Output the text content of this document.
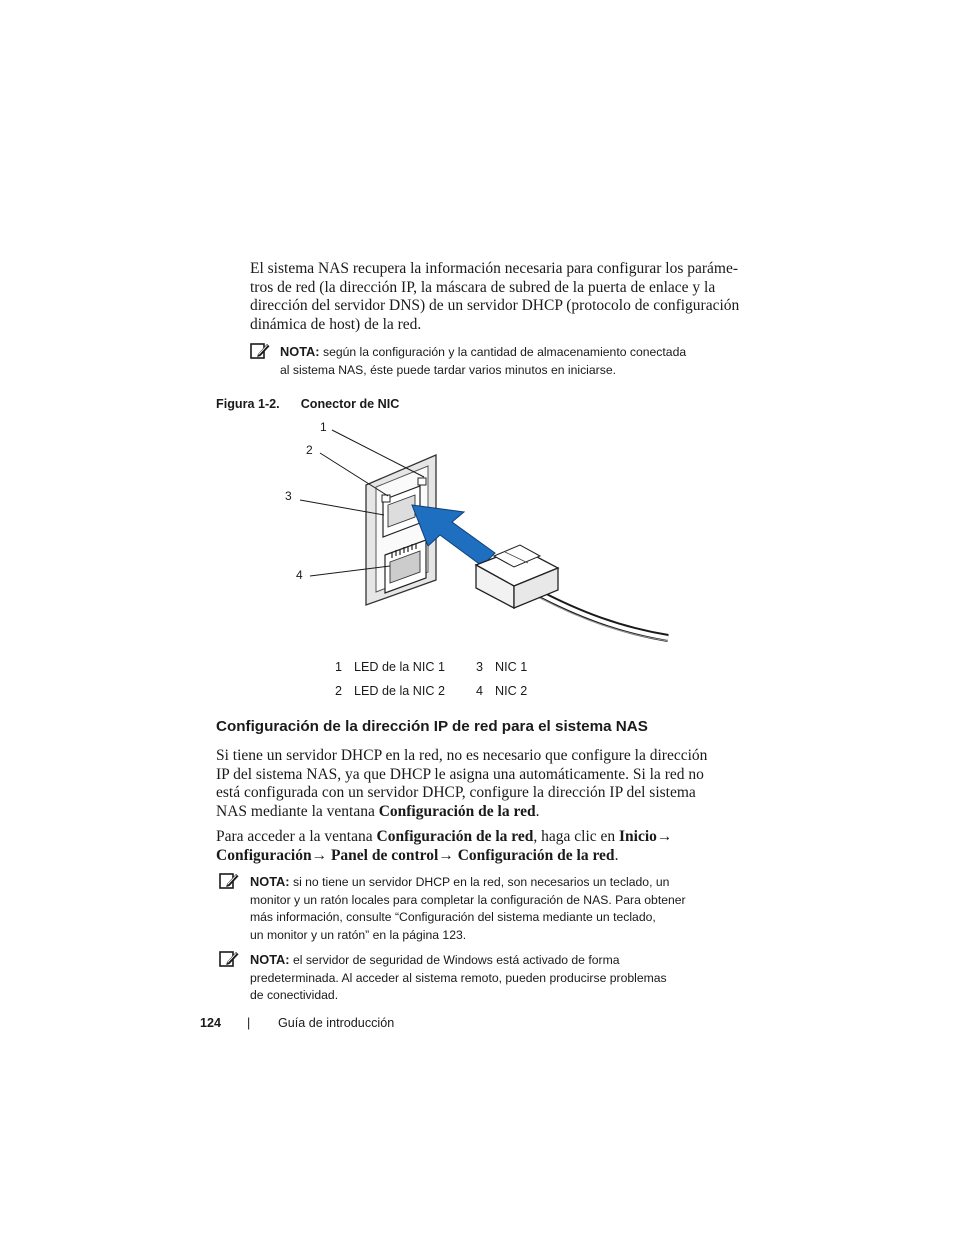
El sistema NAS recupera la información necesaria para configurar los paráme-
tros de red (la dirección IP, la máscara de subred de la puerta de enlace y la
dirección del servidor DNS) de un servidor DHCP (protocolo de configuración
dinámica de host) de la red.
NOTA: según la configuración y la cantidad de almacenamiento conectada
al sistema NAS, éste puede tardar varios minutos en iniciarse.
Figura 1-2. Conector de NIC
1
2
3
4
1 LED de la NIC 1 3 NIC 1
2 LED de la NIC 2 4 NIC 2
Configuración de la dirección IP de red para el sistema NAS
Si tiene un servidor DHCP en la red, no es necesario que configure la dirección
IP del sistema NAS, ya que DHCP le asigna una automáticamente. Si la red no
está configurada con un servidor DHCP, configure la dirección IP del sistema
NAS mediante la ventana Configuración de la red.
Para acceder a la ventana Configuración de la red, haga clic en Inicio→
Configuración→ Panel de control→ Configuración de la red.
NOTA: si no tiene un servidor DHCP en la red, son necesarios un teclado, un
monitor y un ratón locales para completar la configuración de NAS. Para obtener
más información, consulte “Configuración del sistema mediante un teclado,
un monitor y un ratón” en la página 123.
NOTA: el servidor de seguridad de Windows está activado de forma
predeterminada. Al acceder al sistema remoto, pueden producirse problemas
de conectividad.
124 | Guía de introducción
